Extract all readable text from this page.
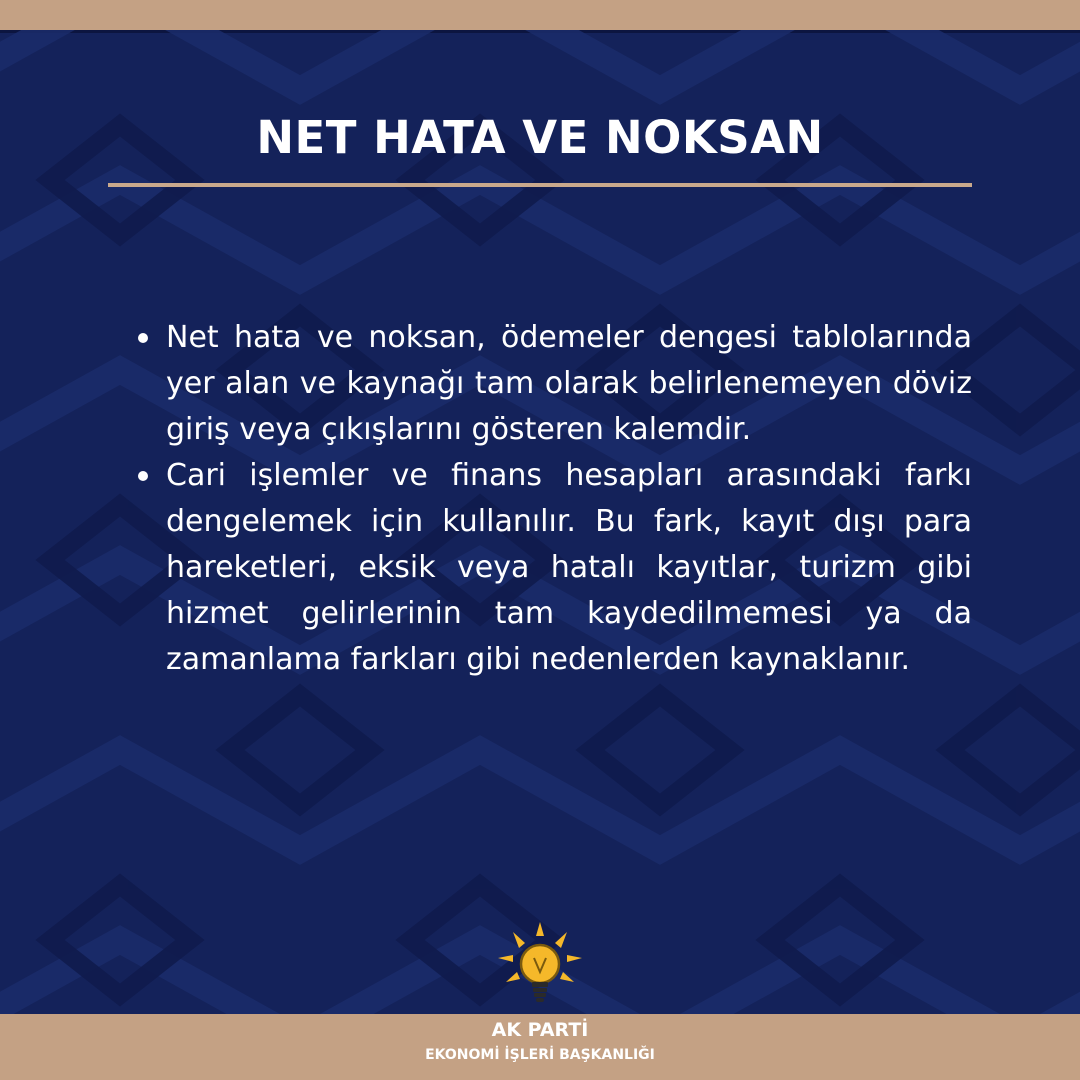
NET HATA VE NOKSAN
Net hata ve noksan, ödemeler dengesi tablolarında yer alan ve kaynağı tam olarak belirlenemeyen döviz giriş veya çıkışlarını gösteren kalemdir.
Cari işlemler ve finans hesapları arasındaki farkı dengelemek için kullanılır. Bu fark, kayıt dışı para hareketleri, eksik veya hatalı kayıtlar, turizm gibi hizmet gelirlerinin tam kaydedilmemesi ya da zamanlama farkları gibi nedenlerden kaynaklanır.
AK PARTİ
EKONOMİ İŞLERİ BAŞKANLIĞI
